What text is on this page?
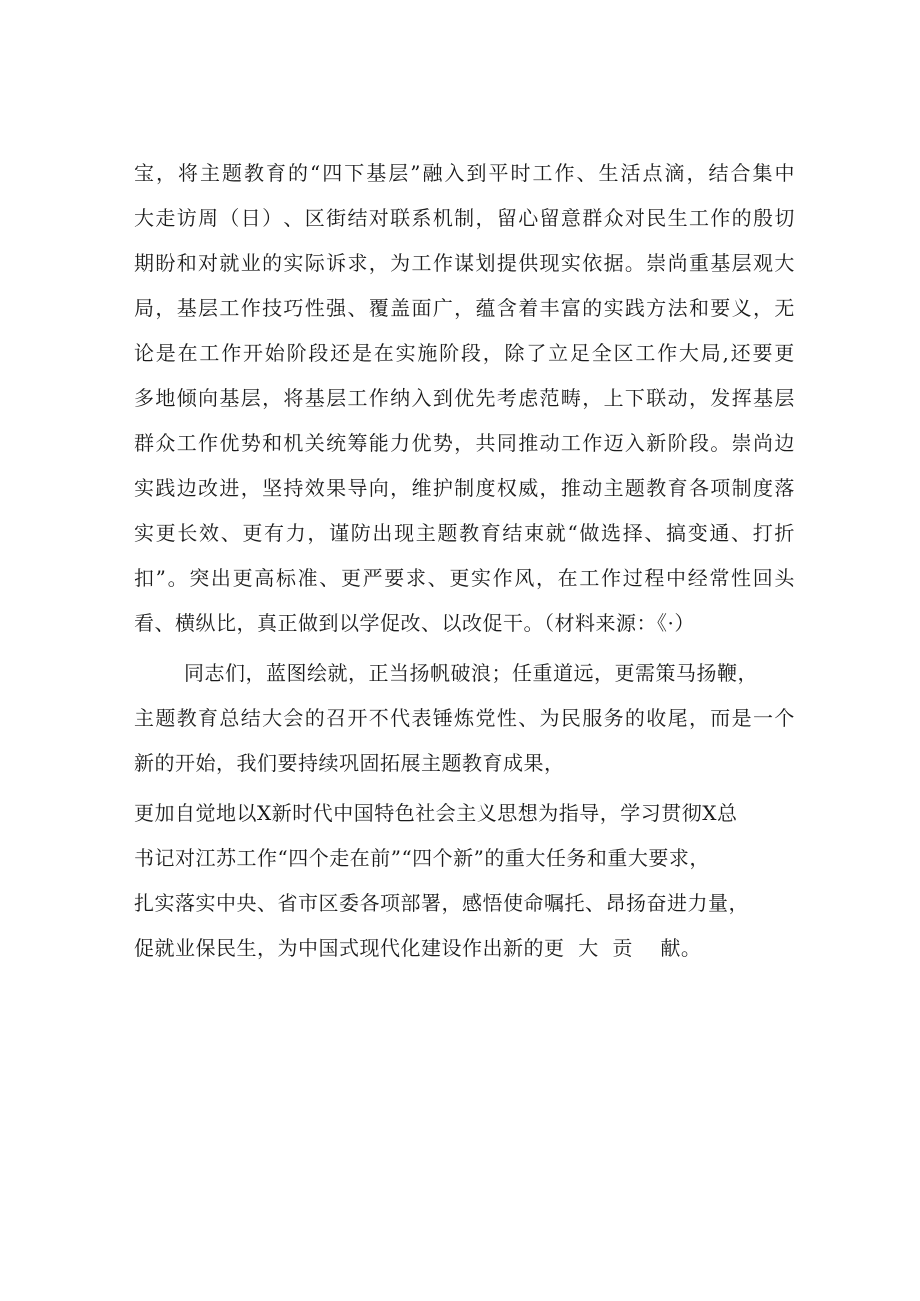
宝 ， 将 主 题 教 育 的 “ 四 下 基 层 ” 融 入 到 平 时 工 作 、 生 活 点 滴 ， 结 合 集 中
大 走 访 周 （ 日 ） 、 区 街 结 对 联 系 机 制 ， 留 心 留 意 群 众 对 民 生 工 作 的 殷 切
期 盼 和 对 就 业 的 实 际 诉 求 ， 为 工 作 谋 划 提 供 现 实 依 据 。 崇 尚 重 基 层 观 大
局 ， 基 层 工 作 技 巧 性 强 、 覆 盖 面 广 ， 蕴 含 着 丰 富 的 实 践 方 法 和 要 义 ， 无
论 是 在 工 作 开 始 阶 段 还 是 在 实 施 阶 段 ， 除 了 立 足 全 区 工 作 大 局 , 还 要 更
多 地 倾 向 基 层 ， 将 基 层 工 作 纳 入 到 优 先 考 虑 范 畴 ， 上 下 联 动 ， 发 挥 基 层
群 众 工 作 优 势 和 机 关 统 筹 能 力 优 势 ， 共 同 推 动 工 作 迈 入 新 阶 段 。 崇 尚 边
实 践 边 改 进 ， 坚 持 效 果 导 向 ， 维 护 制 度 权 威 ， 推 动 主 题 教 育 各 项 制 度 落
实 更 长 效 、 更 有 力 ， 谨 防 出 现 主 题 教 育 结 束 就 “ 做 选 择 、 搞 变 通 、 打 折
扣 ” 。 突 出 更 高 标 准 、 更 严 要 求 、 更 实 作 风 ， 在 工 作 过 程 中 经 常 性 回 头
看、横纵比，真正做到以学促改、以改促干。（材料来源：《·）
同志们，蓝图绘就，正当扬帆破浪；任重道远，更需策马扬鞭，
主 题 教 育 总 结 大 会 的 召 开 不 代 表 锤 炼 党 性 、 为 民 服 务 的 收 尾 ， 而 是 一 个
新的开始，我们要持续巩固拓展主题教育成果，
更加自觉地以X新时代中国特色社会主义思想为指导，学习贯彻X总
书记对江苏工作“四个走在前”“四个新”的重大任务和重大要求，
扎实落实中央、省市区委各项部署，感悟使命嘱托、昂扬奋进力量，
促就业保民生，为中国式现代化建设作出新的更  大  贡    献。
